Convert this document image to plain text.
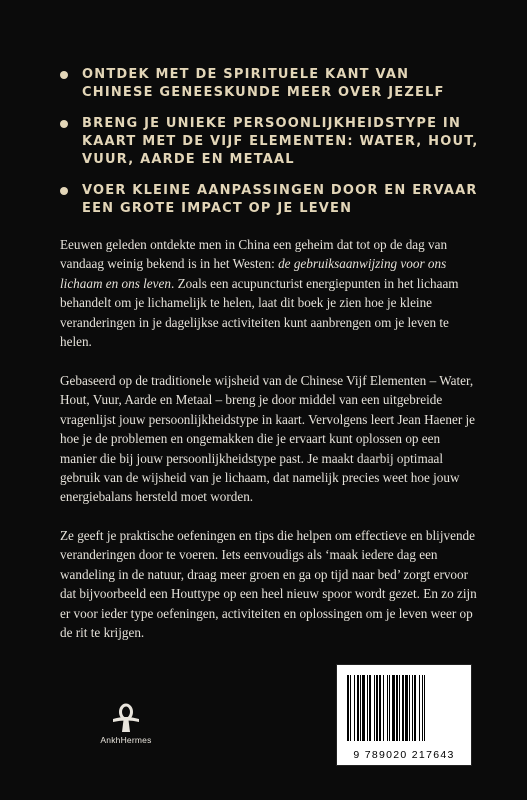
ONTDEK MET DE SPIRITUELE KANT VAN CHINESE GENEESKUNDE MEER OVER JEZELF
BRENG JE UNIEKE PERSOONLIJKHEIDSTYPE IN KAART MET DE VIJF ELEMENTEN: WATER, HOUT, VUUR, AARDE EN METAAL
VOER KLEINE AANPASSINGEN DOOR EN ERVAAR EEN GROTE IMPACT OP JE LEVEN

Eeuwen geleden ontdekte men in China een geheim dat tot op de dag van vandaag weinig bekend is in het Westen: de gebruiksaanwijzing voor ons lichaam en ons leven. Zoals een acupuncturist energiepunten in het lichaam behandelt om je lichamelijk te helen, laat dit boek je zien hoe je kleine veranderingen in je dagelijkse activiteiten kunt aanbrengen om je leven te helen.

Gebaseerd op de traditionele wijsheid van de Chinese Vijf Elementen – Water, Hout, Vuur, Aarde en Metaal – breng je door middel van een uitgebreide vragenlijst jouw persoonlijkheidstype in kaart. Vervolgens leert Jean Haener je hoe je de problemen en ongemakken die je ervaart kunt oplossen op een manier die bij jouw persoonlijkheidstype past. Je maakt daarbij optimaal gebruik van de wijsheid van je lichaam, dat namelijk precies weet hoe jouw energiebalans hersteld moet worden.

Ze geeft je praktische oefeningen en tips die helpen om effectieve en blijvende veranderingen door te voeren. Iets eenvoudigs als ‘maak iedere dag een wandeling in de natuur, draag meer groen en ga op tijd naar bed’ zorgt ervoor dat bijvoorbeeld een Houttype op een heel nieuw spoor wordt gezet. En zo zijn er voor ieder type oefeningen, activiteiten en oplossingen om je leven weer op de rit te krijgen.

AnkhHermes
9 789020 217643
